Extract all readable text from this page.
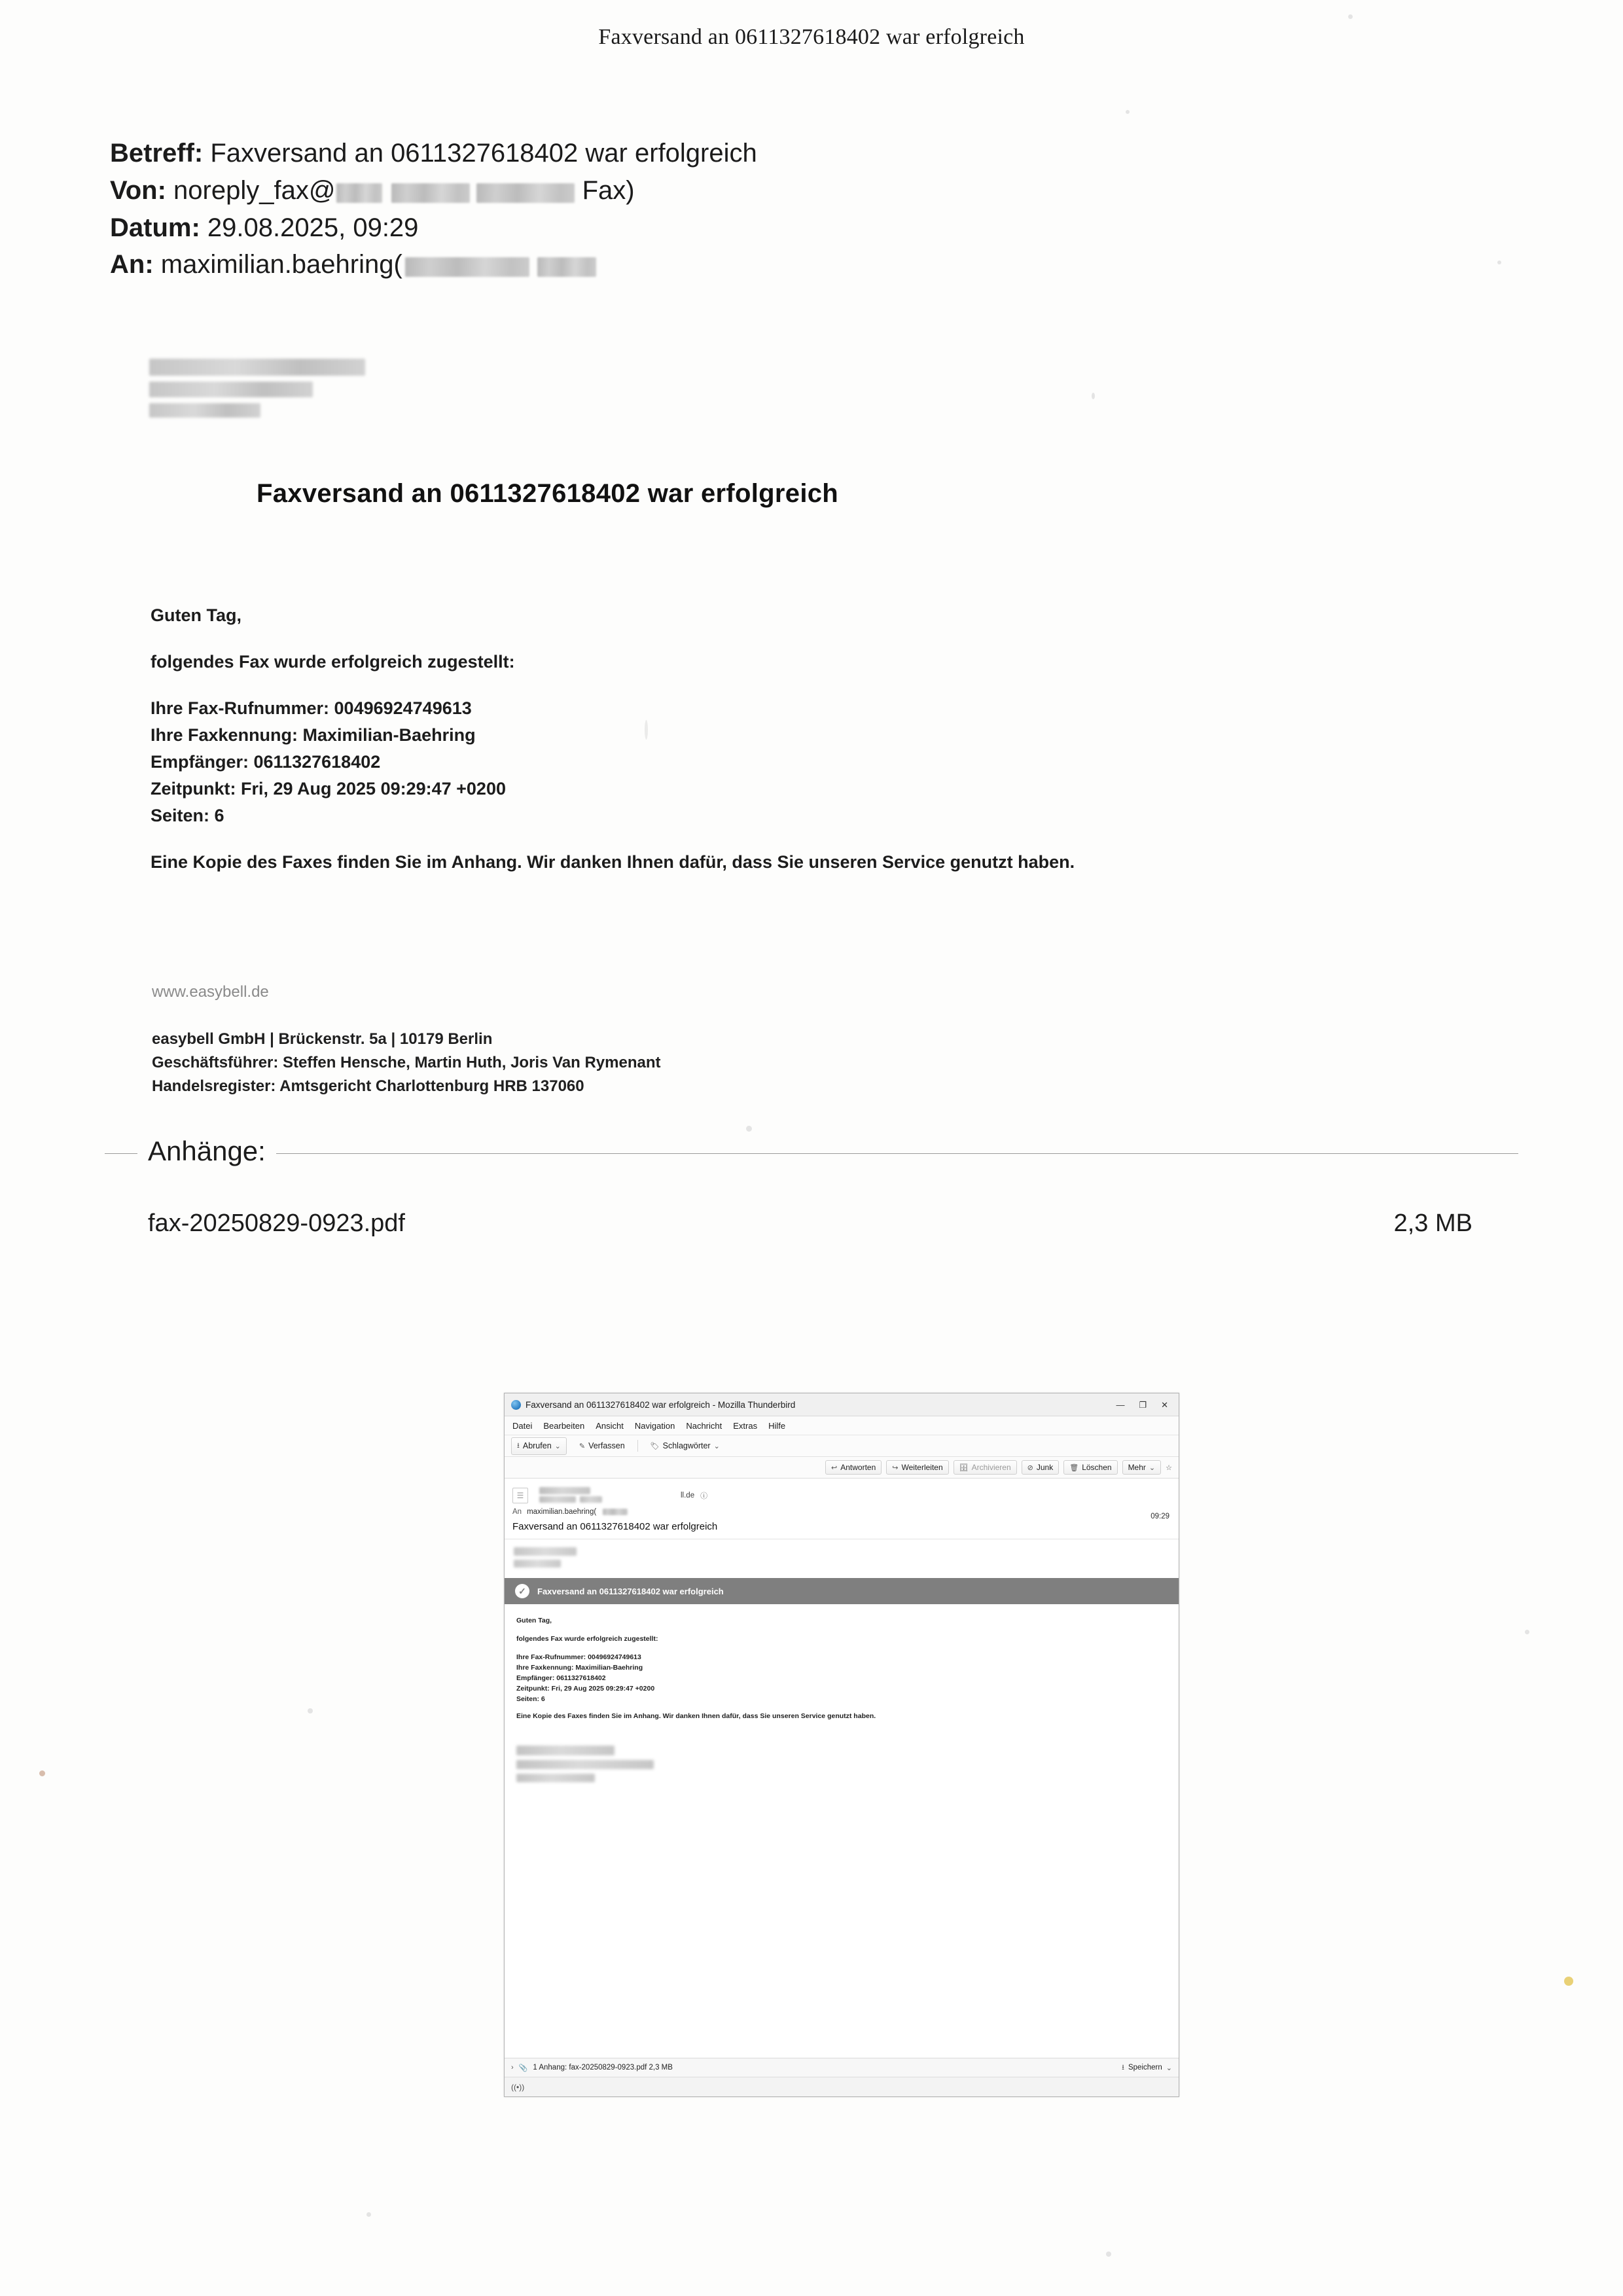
Faxversand an 0611327618402 war erfolgreich
Betreff: Faxversand an 0611327618402 war erfolgreich
Von: noreply_fax@	Fax)
Datum: 29.08.2025, 09:29
An: maximilian.baehring(
Faxversand an 0611327618402 war erfolgreich

Guten Tag,

folgendes Fax wurde erfolgreich zugestellt:

Ihre Fax-Rufnummer: 00496924749613
Ihre Faxkennung: Maximilian-Baehring
Empfänger: 0611327618402
Zeitpunkt: Fri, 29 Aug 2025 09:29:47 +0200
Seiten: 6

Eine Kopie des Faxes finden Sie im Anhang. Wir danken Ihnen dafür, dass Sie unseren Service genutzt haben.

www.easybell.de
easybell GmbH | Brückenstr. 5a | 10179 Berlin
Geschäftsführer: Steffen Hensche, Martin Huth, Joris Van Rymenant
Handelsregister: Amtsgericht Charlottenburg HRB 137060
Anhänge:
fax-20250829-0923.pdf	2,3 MB
Faxversand an 0611327618402 war erfolgreich - Mozilla Thunderbird	— ❐ ✕
Datei Bearbeiten Ansicht Navigation Nachricht Extras Hilfe
⭳ Abrufen ⌄	✎ Verfassen	🏷 Schlagwörter ⌄
↩ Antworten ↪ Weiterleiten 🗄 Archivieren ⊘ Junk 🗑 Löschen Mehr ⌄ ☆
☰	ll.de ⓘ
An maximilian.baehring(
09:29
Faxversand an 0611327618402 war erfolgreich
✓	Faxversand an 0611327618402 war erfolgreich

Guten Tag,

folgendes Fax wurde erfolgreich zugestellt:

Ihre Fax-Rufnummer: 00496924749613
Ihre Faxkennung: Maximilian-Baehring
Empfänger: 0611327618402
Zeitpunkt: Fri, 29 Aug 2025 09:29:47 +0200
Seiten: 6

Eine Kopie des Faxes finden Sie im Anhang. Wir danken Ihnen dafür, dass Sie unseren Service genutzt haben.

› 📎 1 Anhang: fax-20250829-0923.pdf 2,3 MB	⭳ Speichern ⌄
((•))
